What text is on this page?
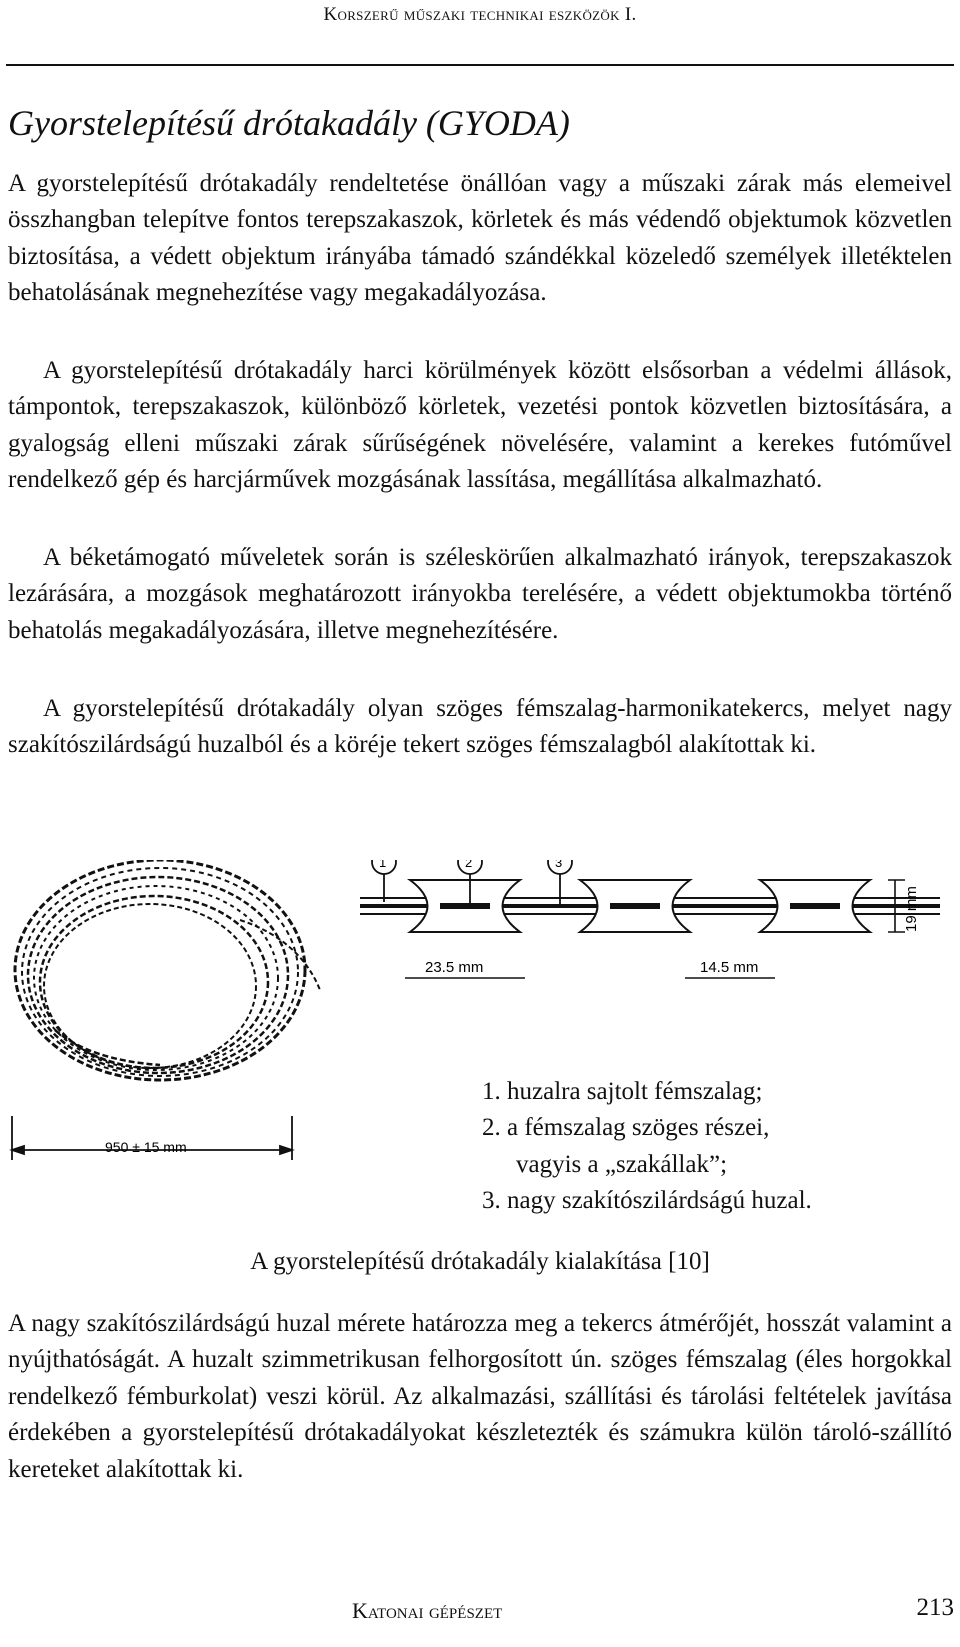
Korszerű műszaki technikai eszközök I.
Gyorstelepítésű drótakadály (GYODA)

A gyorstelepítésű drótakadály rendeltetése önállóan vagy a műszaki zárak más elemeivel összhangban telepítve fontos terepszakaszok, körletek és más védendő objektumok közvetlen biztosítása, a védett objektum irányába támadó szándékkal közeledő személyek illetéktelen behatolásának megnehezítése vagy megakadályozása.

A gyorstelepítésű drótakadály harci körülmények között elsősorban a védelmi állások, támpontok, terepszakaszok, különböző körletek, vezetési pontok közvetlen biztosítására, a gyalogság elleni műszaki zárak sűrűségének növelésére, valamint a kerekes futóművel rendelkező gép és harcjárművek mozgásának lassítása, megállítása alkalmazható.

A béketámogató műveletek során is széleskörűen alkalmazható irányok, terepszakaszok lezárására, a mozgások meghatározott irányokba terelésére, a védett objektumokba történő behatolás megakadályozására, illetve megnehezítésére.

A gyorstelepítésű drótakadály olyan szöges fémszalag-harmonikatekercs, melyet nagy szakítószilárdságú huzalból és a köréje tekert szöges fémszalagból alakítottak ki.

950 ± 15 mm
1	2	3
23.5 mm	14.5 mm
19 mm
1. huzalra sajtolt fémszalag;
2. a fémszalag szöges részei,
vagyis a „szakállak”;
3. nagy szakítószilárdságú huzal.
A gyorstelepítésű drótakadály kialakítása [10]

A nagy szakítószilárdságú huzal mérete határozza meg a tekercs átmérőjét, hosszát valamint a nyújthatóságát. A huzalt szimmetrikusan felhorgosított ún. szöges fémszalag (éles horgokkal rendelkező fémburkolat) veszi körül. Az alkalmazási, szállítási és tárolási feltételek javítása érdekében a gyorstelepítésű drótakadályokat készletezték és számukra külön tároló-szállító kereteket alakítottak ki.

Katonai gépészet	213
